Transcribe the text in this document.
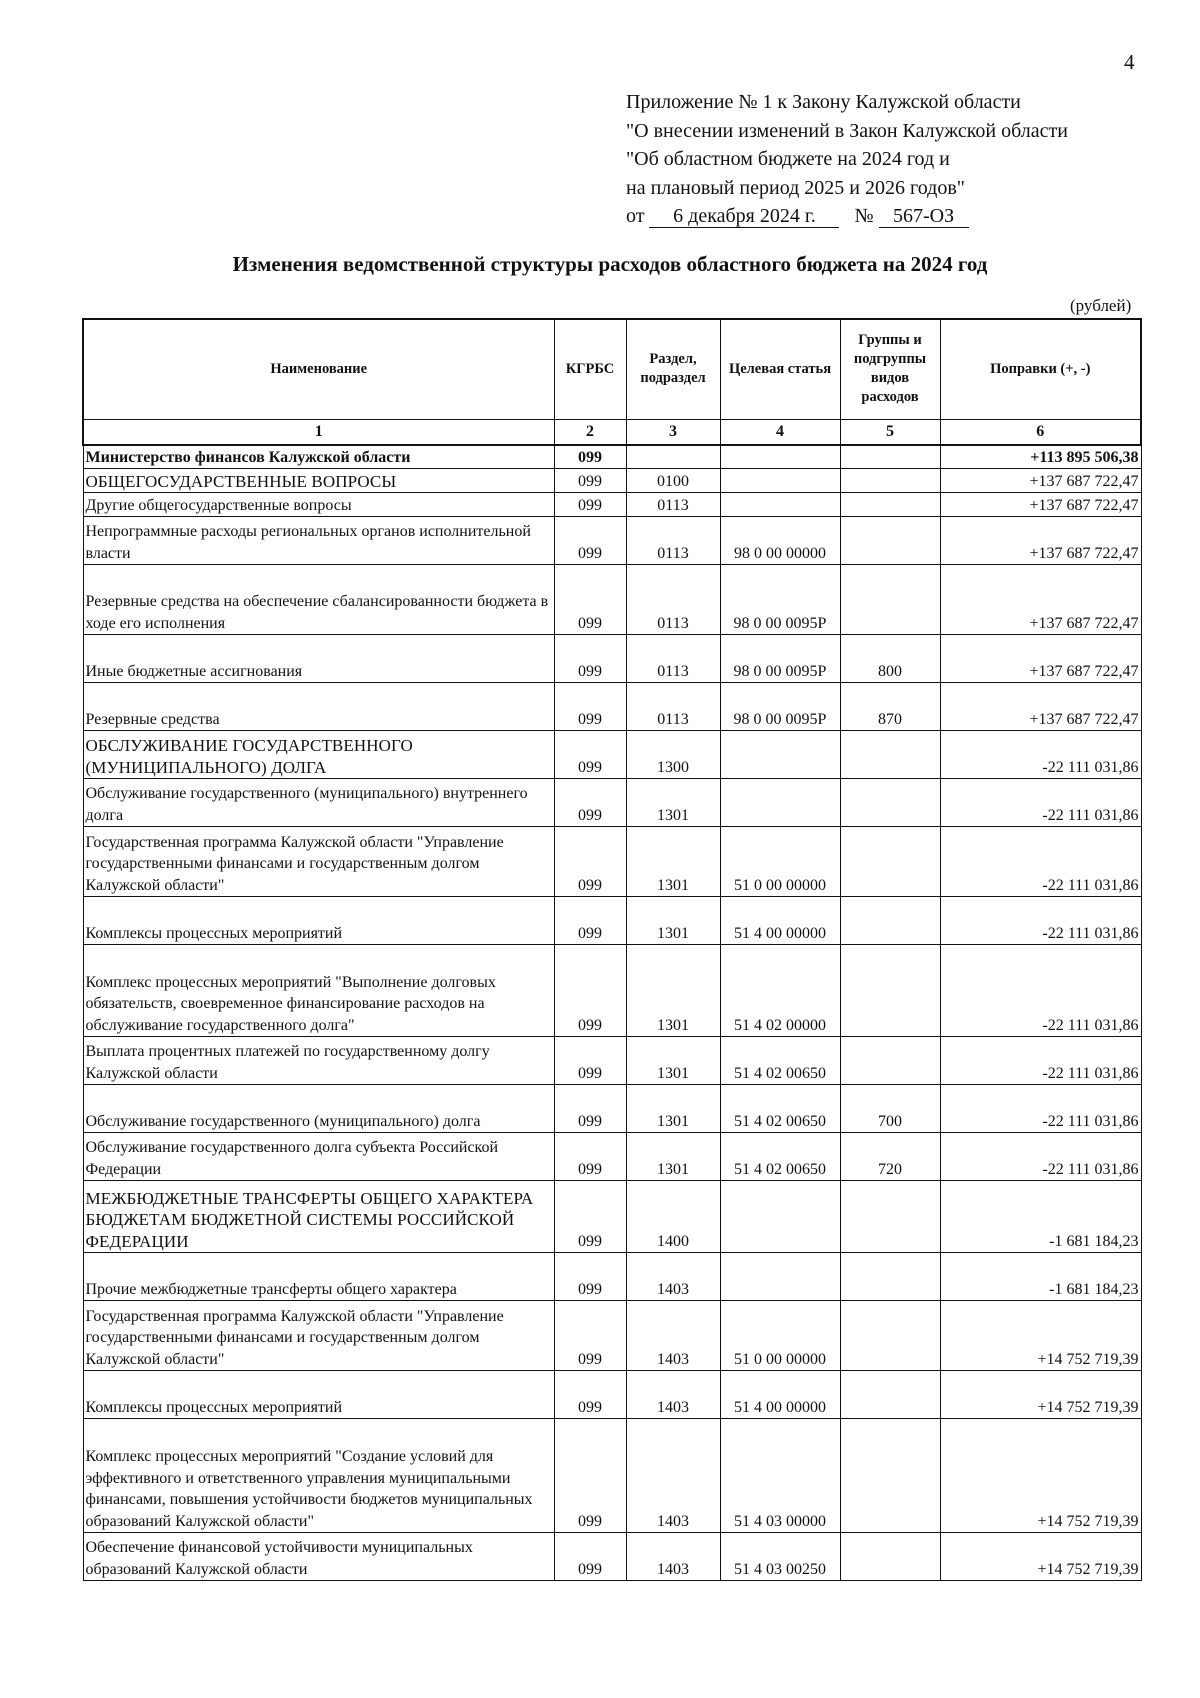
4
Приложение № 1 к Закону Калужской области
"О внесении изменений в Закон Калужской области
"Об областном бюджете на 2024 год и
на плановый период 2025 и 2026 годов"
от 6 декабря 2024 г. № 567-ОЗ
Изменения ведомственной структуры расходов областного бюджета на 2024 год
(рублей)
Наименование	КГРБС	Раздел, подраздел	Целевая статья	Группы и подгруппы видов расходов	Поправки (+, -)
1	2	3	4	5	6
Министерство финансов Калужской области	099				+113 895 506,38
ОБЩЕГОСУДАРСТВЕННЫЕ ВОПРОСЫ	099	0100			+137 687 722,47
Другие общегосударственные вопросы	099	0113			+137 687 722,47
Непрограммные расходы региональных органов исполнительной власти	099	0113	98 0 00 00000		+137 687 722,47
Резервные средства на обеспечение сбалансированности бюджета в ходе его исполнения	099	0113	98 0 00 0095Р		+137 687 722,47
Иные бюджетные ассигнования	099	0113	98 0 00 0095Р	800	+137 687 722,47
Резервные средства	099	0113	98 0 00 0095Р	870	+137 687 722,47
ОБСЛУЖИВАНИЕ ГОСУДАРСТВЕННОГО (МУНИЦИПАЛЬНОГО) ДОЛГА	099	1300			-22 111 031,86
Обслуживание государственного (муниципального) внутреннего долга	099	1301			-22 111 031,86
Государственная программа Калужской области "Управление государственными финансами и государственным долгом Калужской области"	099	1301	51 0 00 00000		-22 111 031,86
Комплексы процессных мероприятий	099	1301	51 4 00 00000		-22 111 031,86
Комплекс процессных мероприятий "Выполнение долговых обязательств, своевременное финансирование расходов на обслуживание государственного долга"	099	1301	51 4 02 00000		-22 111 031,86
Выплата процентных платежей по государственному долгу Калужской области	099	1301	51 4 02 00650		-22 111 031,86
Обслуживание государственного (муниципального) долга	099	1301	51 4 02 00650	700	-22 111 031,86
Обслуживание государственного долга субъекта Российской Федерации	099	1301	51 4 02 00650	720	-22 111 031,86
МЕЖБЮДЖЕТНЫЕ ТРАНСФЕРТЫ ОБЩЕГО ХАРАКТЕРА БЮДЖЕТАМ БЮДЖЕТНОЙ СИСТЕМЫ РОССИЙСКОЙ ФЕДЕРАЦИИ	099	1400			-1 681 184,23
Прочие межбюджетные трансферты общего характера	099	1403			-1 681 184,23
Государственная программа Калужской области "Управление государственными финансами и государственным долгом Калужской области"	099	1403	51 0 00 00000		+14 752 719,39
Комплексы процессных мероприятий	099	1403	51 4 00 00000		+14 752 719,39
Комплекс процессных мероприятий "Создание условий для эффективного и ответственного управления муниципальными финансами, повышения устойчивости бюджетов муниципальных образований Калужской области"	099	1403	51 4 03 00000		+14 752 719,39
Обеспечение финансовой устойчивости муниципальных образований Калужской области	099	1403	51 4 03 00250		+14 752 719,39
